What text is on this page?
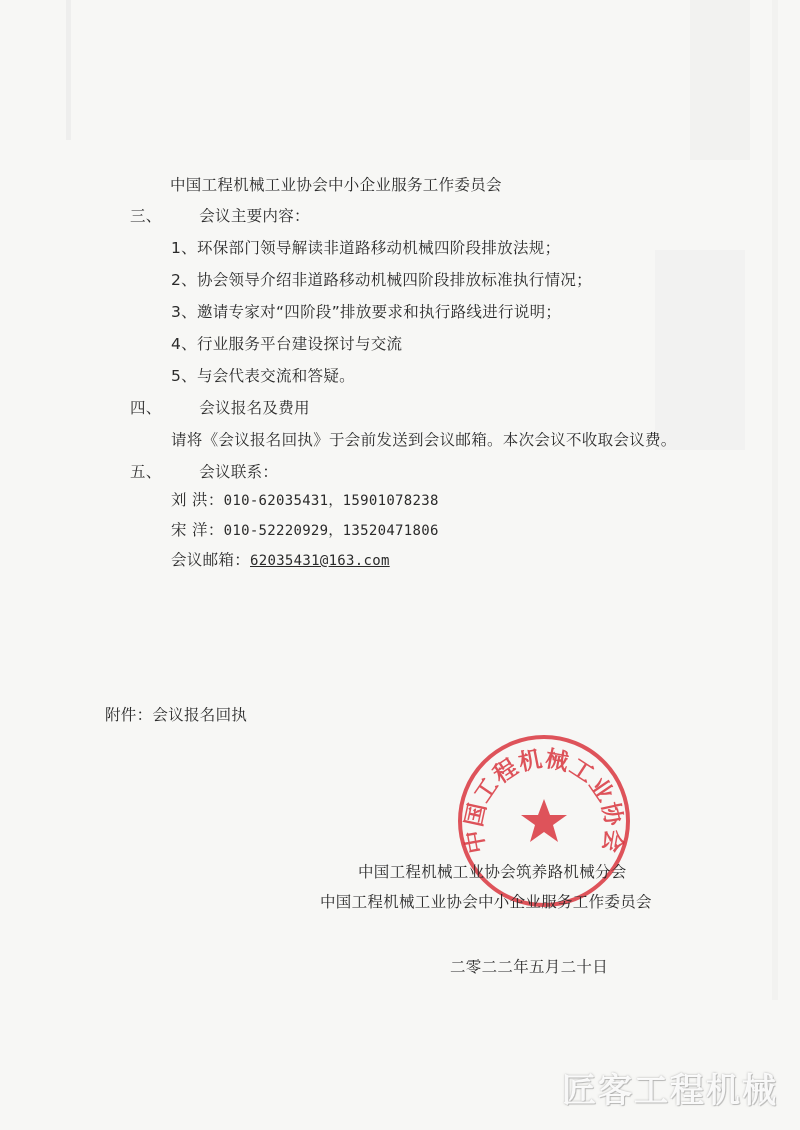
中国工程机械工业协会中小企业服务工作委员会
三、 会议主要内容：
1、环保部门领导解读非道路移动机械四阶段排放法规；
2、协会领导介绍非道路移动机械四阶段排放标准执行情况；
3、邀请专家对“四阶段”排放要求和执行路线进行说明；
4、行业服务平台建设探讨与交流
5、与会代表交流和答疑。
四、 会议报名及费用
请将《会议报名回执》于会前发送到会议邮箱。本次会议不收取会议费。
五、 会议联系：
刘 洪：010-62035431，15901078238
宋 洋：010-52220929，13520471806
会议邮箱：62035431@163.com
附件：会议报名回执
中国工程机械工业协会
中国工程机械工业协会筑养路机械分会
中国工程机械工业协会中小企业服务工作委员会
二零二二年五月二十日
匠客工程机械
